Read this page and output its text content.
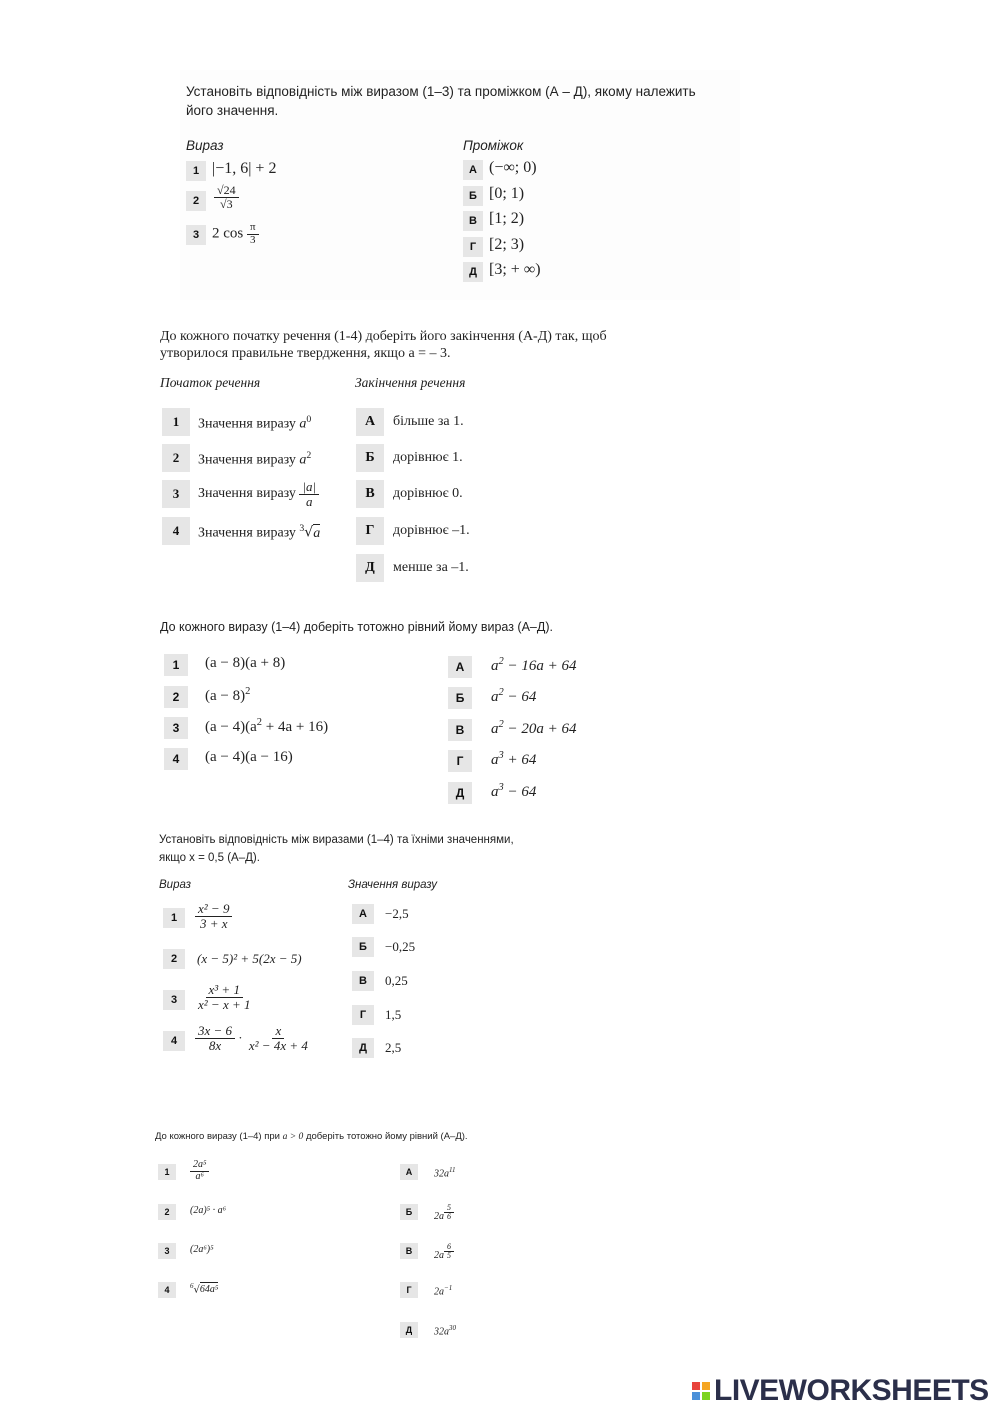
Установіть відповідність між виразом (1–3) та проміжком (А – Д), якому належить
його значення.
Вираз	Проміжок
1 |−1, 6| + 2
2	$\frac{√24}{√3}$
3 2 $\cos \frac{\pi}{3}$
А (−∞; 0)
Б [0; 1)
В [1; 2)
Г [2; 3)
Д [3; + ∞)
До кожного початку речення (1-4) доберіть його закінчення (А-Д) так, щоб
утворилося правильне твердження, якщо a = – 3.
Початок речення	Закінчення речення
1	Значення виразу $a^0$
2	Значення виразу $a^2$
3	Значення виразу $\frac{|a|}{a}$
4	Значення виразу $^3$√a
А	більше за 1.
Б	дорівнює 1.
В	дорівнює 0.
Г	дорівнює –1.
Д	менше за –1.
До кожного виразу (1–4) доберіть тотожно рівний йому вираз (А–Д).
1	(a − 8)(a + 8)
2	$(a - 8)^2$
3	$(a - 4)(a^2 + 4a + 16)$
4	(a − 4)(a − 16)
А	$a^2 - 16a + 64$
Б	$a^2 - 64$
В	$a^2 - 20a + 64$
Г	$a^3 + 64$
Д	$a^3 - 64$
Установіть відповідність між виразами (1–4) та їхніми значеннями,
якщо x = 0,5 (А–Д).
Вираз	Значення виразу
1	$\frac{\text{x² − 9}}{3 + x}$
2	(x − 5)² + 5(2x − 5)
3	$\frac{\text{x³ + 1}}{\text{x² − x + 1}}$
4	$\frac{3x - 6}{8x} \cdot \frac{x}{\text{x² − 4x + 4}}$
А	−2,5
Б	−0,25
В	0,25
Г	1,5
Д	2,5
До кожного виразу (1–4) при a > 0 доберіть тотожно йому рівний (А–Д).
1	$\frac{\text{2a⁵}}{\text{a⁶}}$
2	(2a)⁵ · a⁶
3	(2a⁶)⁵
4	$^6$√64a⁵
А	$32a^{11}$
Б	2a $^{\frac{5}{6}}$
В	2a $^{\frac{6}{5}}$
Г	$2a^{-1}$
Д	$32a^{30}$
LIVEWORKSHEETS
